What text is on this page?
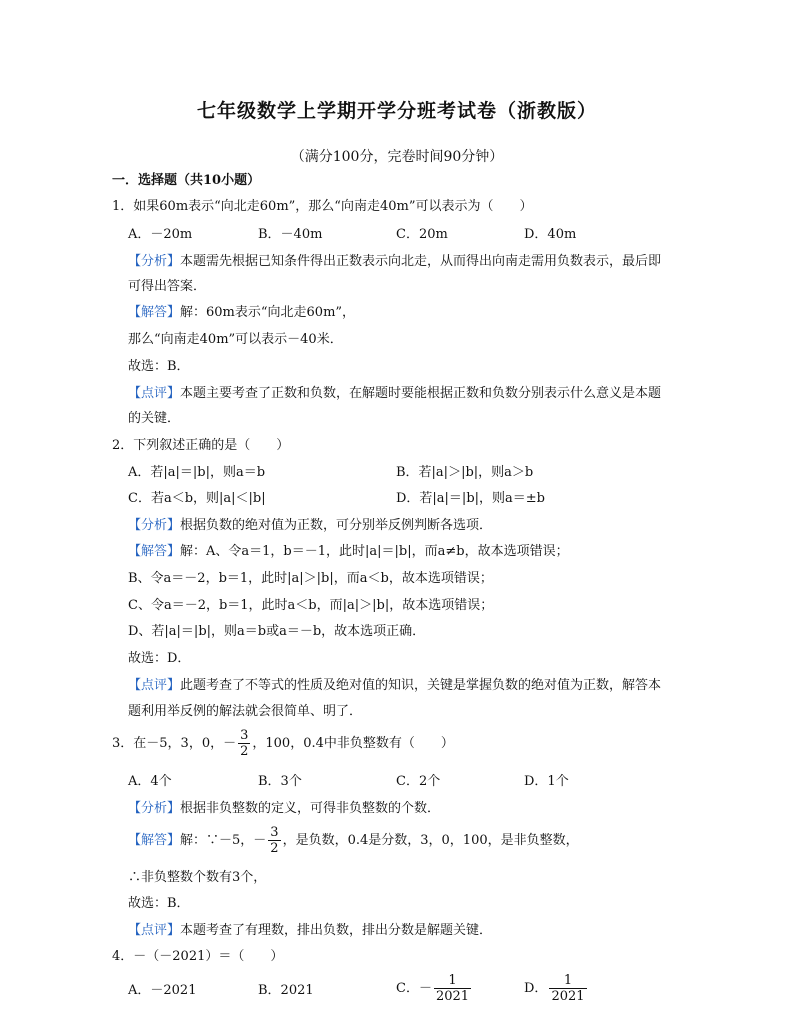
七年级数学上学期开学分班考试卷（浙教版）
（满分100分，完卷时间90分钟）
一．选择题（共10小题）
1．如果60m表示“向北走60m”，那么“向南走40m”可以表示为（　　）
A．－20m	B．－40m	C．20m	D．40m
【分析】本题需先根据已知条件得出正数表示向北走，从而得出向南走需用负数表示，最后即
可得出答案．
【解答】解：60m表示“向北走60m”，
那么“向南走40m”可以表示－40米．
故选：B．
【点评】本题主要考查了正数和负数，在解题时要能根据正数和负数分别表示什么意义是本题
的关键．
2．下列叙述正确的是（　　）
A．若|a|＝|b|，则a＝b	B．若|a|＞|b|，则a＞b
C．若a＜b，则|a|＜|b|	D．若|a|＝|b|，则a＝±b
【分析】根据负数的绝对值为正数，可分别举反例判断各选项．
【解答】解：A、令a＝1，b＝－1，此时|a|＝|b|，而a≠b，故本选项错误；
B、令a＝－2，b＝1，此时|a|＞|b|，而a＜b，故本选项错误；
C、令a＝－2，b＝1，此时a＜b，而|a|＞|b|，故本选项错误；
D、若|a|＝|b|，则a＝b或a＝－b，故本选项正确．
故选：D．
【点评】此题考查了不等式的性质及绝对值的知识，关键是掌握负数的绝对值为正数，解答本
题利用举反例的解法就会很简单、明了．
3．在－5，3，0，－ $\frac{3}{2}$ ，100，0.4中非负整数有（　　）
A．4个	B．3个	C．2个	D．1个
【分析】根据非负整数的定义，可得非负整数的个数．
【解答】解：∵－5，－ $\frac{3}{2}$ ，是负数，0.4是分数，3，0，100，是非负整数，
∴非负整数个数有3个，
故选：B．
【点评】本题考查了有理数，排出负数，排出分数是解题关键．
4．－（－2021）＝（　　）
A．－2021	B．2021	C．－ $\frac{1}{2021}$	D． $\frac{1}{2021}$
